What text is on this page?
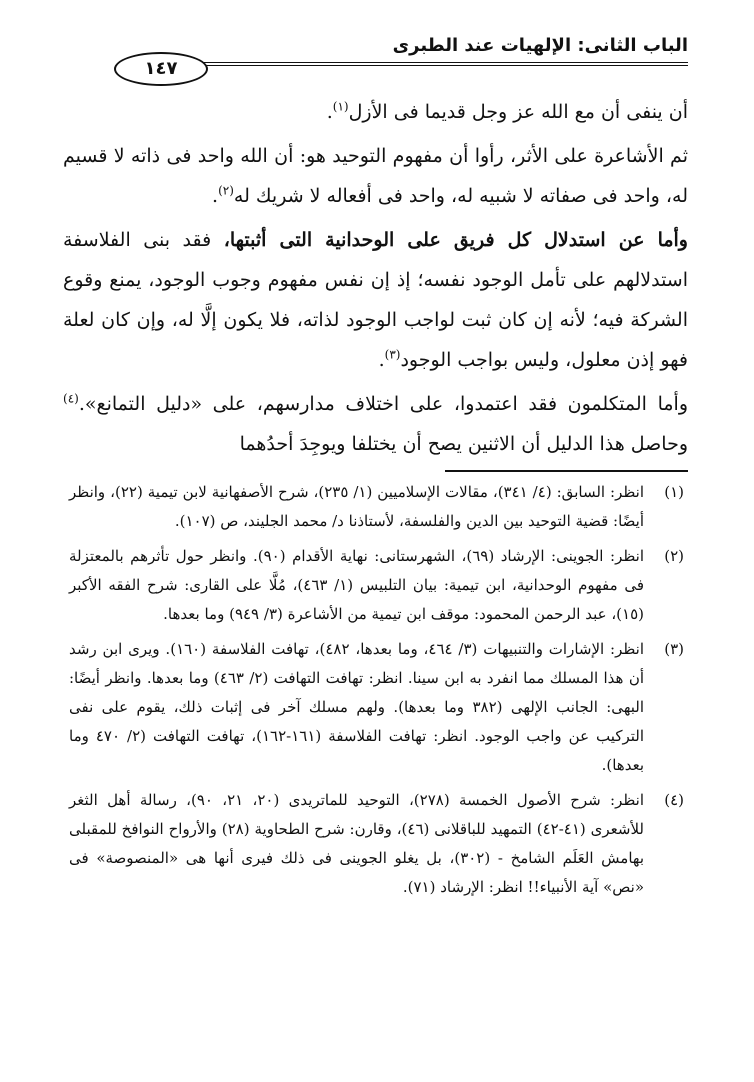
الباب الثانى: الإلهيات عند الطبرى
١٤٧

أن ينفى أن مع الله عز وجل قديما فى الأزل$^{(١)}$.

ثم الأشاعرة على الأثر، رأوا أن مفهوم التوحيد هو: أن الله واحد فى ذاته لا قسيم له، واحد فى صفاته لا شبيه له، واحد فى أفعاله لا شريك له$^{(٢)}$.

وأما عن استدلال كل فريق على الوحدانية التى أثبتها، فقد بنى الفلاسفة استدلالهم على تأمل الوجود نفسه؛ إذ إن نفس مفهوم وجوب الوجود، يمنع وقوع الشركة فيه؛ لأنه إن كان ثبت لواجب الوجود لذاته، فلا يكون إلَّا له، وإن كان لعلة فهو إذن معلول، وليس بواجب الوجود$^{(٣)}$.

وأما المتكلمون فقد اعتمدوا، على اختلاف مدارسهم، على «دليل التمانع».$^{(٤)}$ وحاصل هذا الدليل أن الاثنين يصح أن يختلفا ويوجِدَ أحدُهما

(١)
انظر: السابق: (٤/ ٣٤١)، مقالات الإسلاميين (١/ ٢٣٥)، شرح الأصفهانية لابن تيمية (٢٢)، وانظر أيضًا: قضية التوحيد بين الدين والفلسفة، لأستاذنا د/ محمد الجليند، ص (١٠٧).
(٢)
انظر: الجوينى: الإرشاد (٦٩)، الشهرستانى: نهاية الأقدام (٩٠). وانظر حول تأثرهم بالمعتزلة فى مفهوم الوحدانية، ابن تيمية: بيان التلبيس (١/ ٤٦٣)، مُلَّا على القارى: شرح الفقه الأكبر (١٥)، عبد الرحمن المحمود: موقف ابن تيمية من الأشاعرة (٣/ ٩٤٩) وما بعدها.
(٣)
انظر: الإشارات والتنبيهات (٣/ ٤٦٤، وما بعدها، ٤٨٢)، تهافت الفلاسفة (١٦٠). ويرى ابن رشد أن هذا المسلك مما انفرد به ابن سينا. انظر: تهافت التهافت (٢/ ٤٦٣) وما بعدها. وانظر أيضًا: البهى: الجانب الإلهى (٣٨٢ وما بعدها). ولهم مسلك آخر فى إثبات ذلك، يقوم على نفى التركيب عن واجب الوجود. انظر: تهافت الفلاسفة (١٦١-١٦٢)، تهافت التهافت (٢/ ٤٧٠ وما بعدها).
(٤)
انظر: شرح الأصول الخمسة (٢٧٨)، التوحيد للماتريدى (٢٠، ٢١، ٩٠)، رسالة أهل الثغر للأشعرى (٤١-٤٢) التمهيد للباقلانى (٤٦)، وقارن: شرح الطحاوية (٢٨) والأرواح النوافخ للمقبلى بهامش العَلَم الشامخ - (٣٠٢)، بل يغلو الجوينى فى ذلك فيرى أنها هى «المنصوصة» فى «نص» آية الأنبياء!! انظر: الإرشاد (٧١).
